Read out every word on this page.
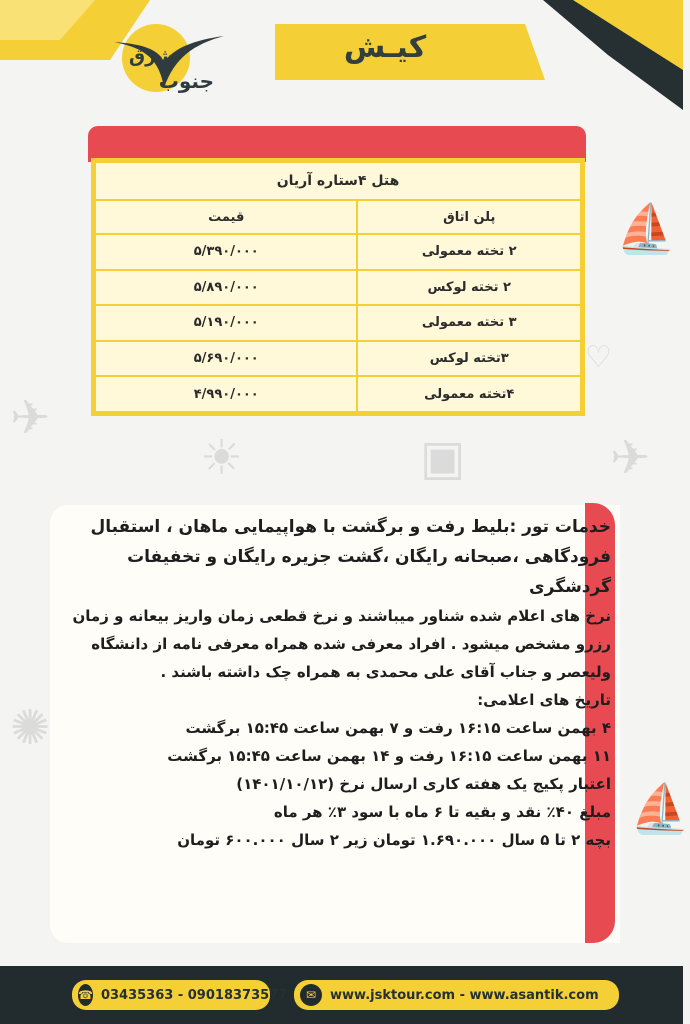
⛵
✈
☀	✈
♡
⛵
✺
▣
کیـش
شرق
جنوب
هتل ۴ستاره آریان	
پلن اتاق	قیمت
۲ تخته معمولی	۵/۳۹۰/۰۰۰
۲ تخته لوکس	۵/۸۹۰/۰۰۰
۳ تخته معمولی	۵/۱۹۰/۰۰۰
۳تخته لوکس	۵/۶۹۰/۰۰۰
۴تخته معمولی	۴/۹۹۰/۰۰۰
خدمات تور :بلیط رفت و برگشت با هواپیمایی ماهان ، استقبال فرودگاهی ،صبحانه رایگان ،گشت جزیره رایگان و تخفیفات گردشگری
نرخ های اعلام شده شناور میباشند و نرخ قطعی زمان واریز بیعانه و زمان رزرو مشخص میشود . افراد معرفی شده همراه معرفی نامه از دانشگاه ولیعصر و جناب آقای علی محمدی به همراه چک داشته باشند .
تاریخ های اعلامی:
۴ بهمن ساعت ۱۶:۱۵ رفت و ۷ بهمن ساعت ۱۵:۴۵ برگشت
۱۱ بهمن ساعت ۱۶:۱۵ رفت و ۱۴ بهمن ساعت ۱۵:۴۵ برگشت
اعتبار پکیج یک هفته کاری ارسال نرخ (۱۴۰۱/۱۰/۱۲)
مبلغ ۴۰٪ نقد و بقیه تا ۶ ماه با سود ۳٪ هر ماه
بچه ۲ تا ۵ سال ۱.۶۹۰.۰۰۰ تومان زیر ۲ سال ۶۰۰.۰۰۰ تومان
☎ 03435363 - 09018373577	✉	www.jsktour.com - www.asantik.com
